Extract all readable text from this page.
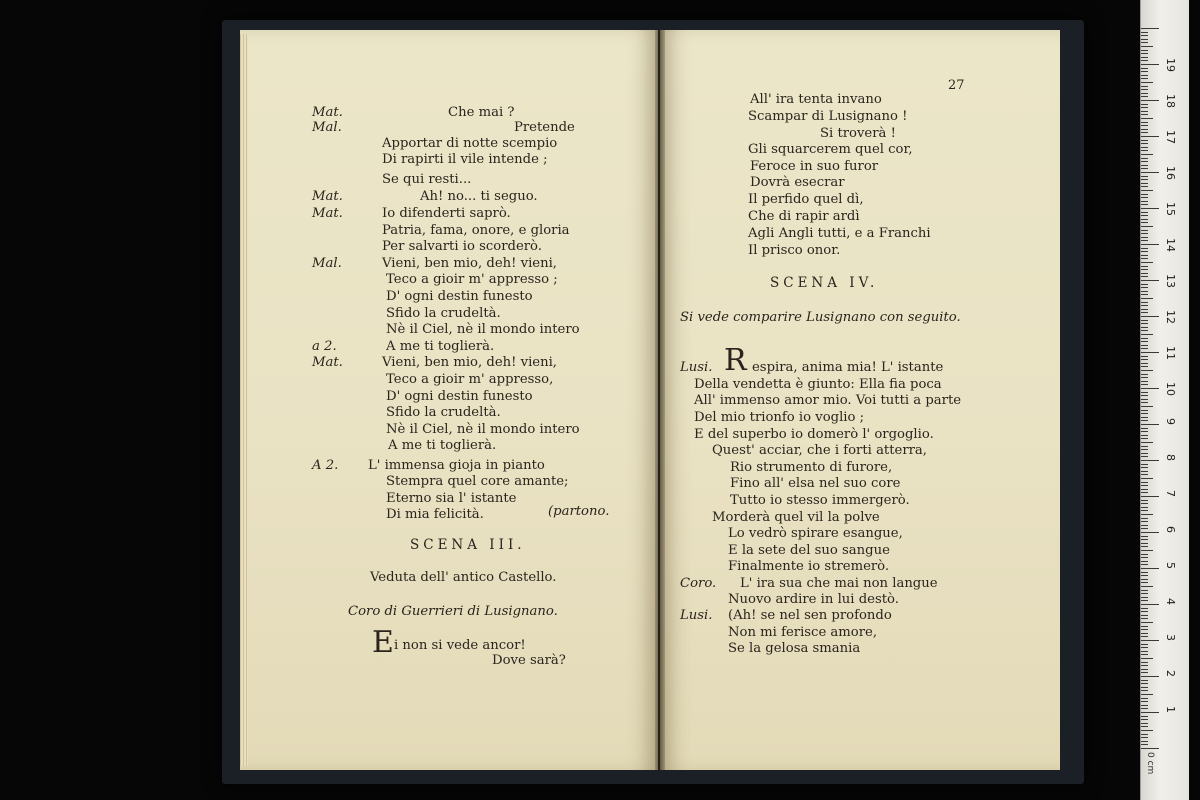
Mat.	Che mai ?
Mal.	Pretende
Apportar di notte scempio
Di rapirti il vile intende ;
Se qui resti...
Mat.	Ah! no... ti seguo.
Mat.	Io difenderti saprò.
Patria, fama, onore, e gloria
Per salvarti io scorderò.
Mal.	Vieni, ben mio, deh! vieni,
Teco a gioir m' appresso ;
D' ogni destin funesto
Sfido la crudeltà.
Nè il Ciel, nè il mondo intero
a 2.	A me ti toglierà.
Mat.	Vieni, ben mio, deh! vieni,
Teco a gioir m' appresso,
D' ogni destin funesto
Sfido la crudeltà.
Nè il Ciel, nè il mondo intero
A me ti toglierà.
A 2. L' immensa gioja in pianto
Stempra quel core amante;
Eterno sia l' istante
Di mia felicità.	(partono.
SCENA III.
Veduta dell' antico Castello.
Coro di Guerrieri di Lusignano.
E i non si vede ancor!
Dove sarà?
27
All' ira tenta invano
Scampar di Lusignano !
Si troverà !
Gli squarcerem quel cor,
Feroce in suo furor
Dovrà esecrar
Il perfido quel dì,
Che di rapir ardì
Agli Angli tutti, e a Franchi
Il prisco onor.
SCENA IV.
Si vede comparire Lusignano con seguito.
R
Lusi.	espira, anima mia! L' istante
Della vendetta è giunto: Ella fia poca
All' immenso amor mio. Voi tutti a parte
Del mio trionfo io voglio ;
E del superbo io domerò l' orgoglio.
Quest' acciar, che i forti atterra,
Rio strumento di furore,
Fino all' elsa nel suo core
Tutto io stesso immergerò.
Morderà quel vil la polve
Lo vedrò spirare esangue,
E la sete del suo sangue
Finalmente io stremerò.
Coro. L' ira sua che mai non langue
Nuovo ardire in lui destò.
Lusi. (Ah! se nel sen profondo
Non mi ferisce amore,
Se la gelosa smania
1
2
3
4
5
6
7
8
9
10
11
12
13
14
15
16
17
18
19
0 cm
